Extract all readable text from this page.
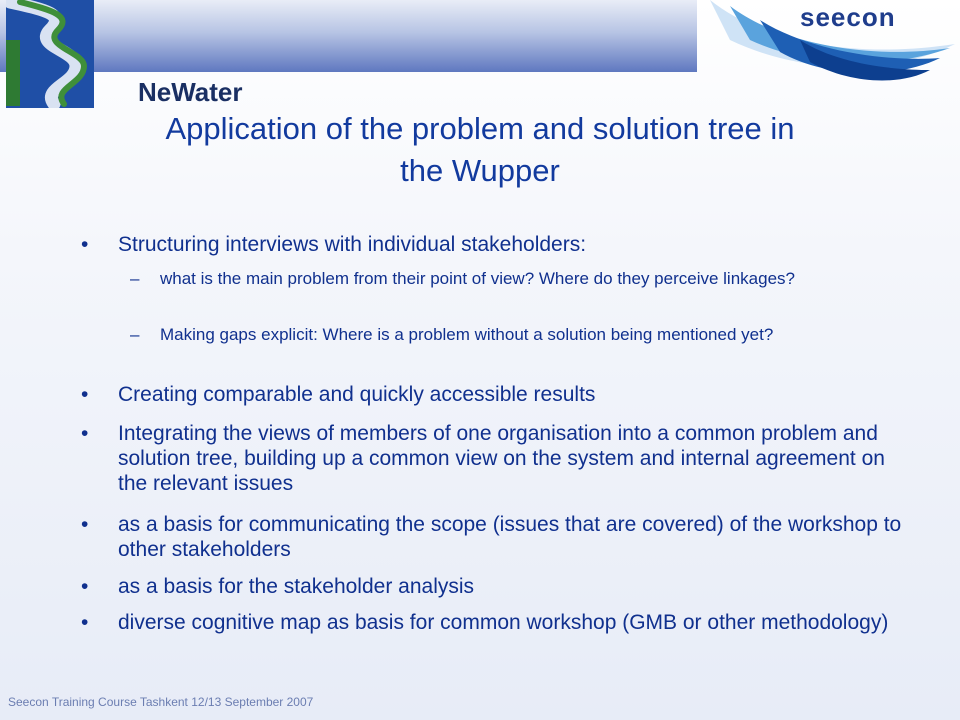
NeWater
seecon
Application of the problem and solution tree in
the Wupper
• Structuring interviews with individual stakeholders:
– what is the main problem from their point of view? Where do they perceive linkages?
– Making gaps explicit: Where is a problem without a solution being mentioned yet?
• Creating comparable and quickly accessible results
• Integrating the views of members of one organisation into a common problem and solution tree, building up a common view on the system and internal agreement on the relevant issues
• as a basis for communicating the scope (issues that are covered) of the workshop to other stakeholders
• as a basis for the stakeholder analysis
• diverse cognitive map as basis for common workshop (GMB or other methodology)
Seecon Training Course Tashkent 12/13 September 2007
